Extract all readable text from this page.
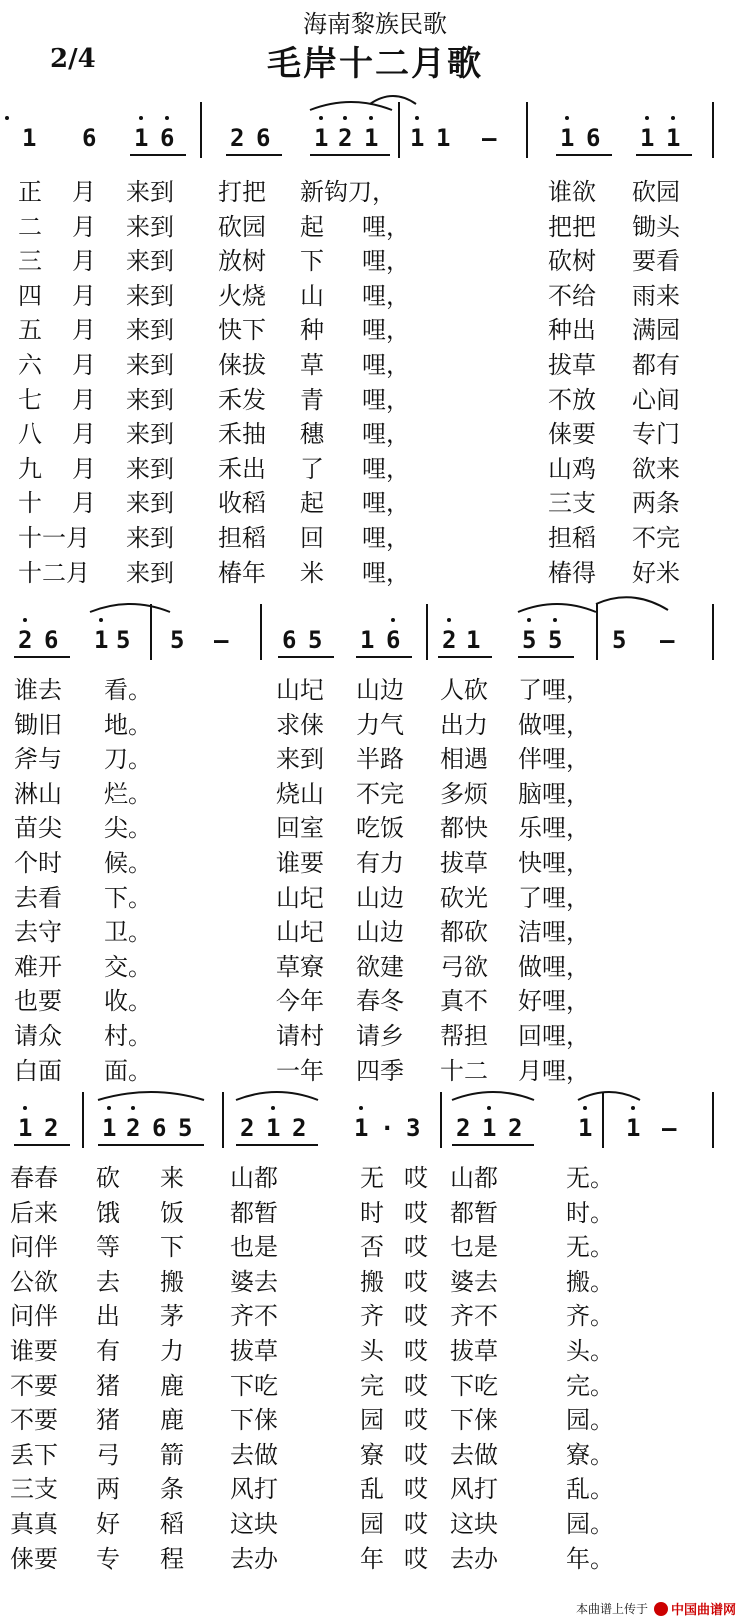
海南黎族民歌
毛岸十二月歌
2/4
1 6 1 6 2 6 1 2 1 1 1 —	1 6 1 1
正 月 来到 打把 新钩刀，	谁欲 砍园
二 月 来到 砍园 起 哩，	把把 锄头
三 月 来到 放树 下 哩，	砍树 要看
四 月 来到 火烧 山 哩，	不给 雨来
五 月 来到 快下 种 哩，	种出 满园
六 月 来到 俫拔 草 哩，	拔草 都有
七 月 来到 禾发 青 哩，	不放 心间
八 月 来到 禾抽 穗 哩，	俫要 专门
九 月 来到 禾出 了 哩，	山鸡 欲来
十 月 来到 收稻 起 哩，	三支 两条
十一月 来到 担稻 回 哩，	担稻 不完
十二月 来到 椿年 米 哩，	椿得 好米
2 6 1 5 5 — 6 5 1 6 2 1 5 5 5 —
谁去 看。	山圮 山边 人砍 了哩，
锄旧 地。	求俫 力气 出力 做哩，
斧与 刀。	来到 半路 相遇 伴哩，
淋山 烂。	烧山 不完 多烦 脑哩，
苗尖 尖。	回室 吃饭 都快 乐哩，
个时 候。	谁要 有力 拔草 快哩，
去看 下。	山圮 山边 砍光 了哩，
去守 卫。	山圮 山边 都砍 洁哩，
难开 交。	草寮 欲建 弓欲 做哩，
也要 收。	今年 春冬 真不 好哩，
请众 村。	请村 请乡 帮担 回哩，
白面 面。	一年 四季 十二 月哩，
1 2 1 2 6 5 2 1 2 1 · 3 2 1 2 1 1 —
春春 砍 来 山都	无 哎 山都	无。
后来 饿 饭 都暂	时 哎 都暂	时。
问伴 等 下 也是	否 哎 乜是	无。
公欲 去 搬 婆去	搬 哎 婆去	搬。
问伴 出 茅 齐不	齐 哎 齐不	齐。
谁要 有 力 拔草	头 哎 拔草	头。
不要 猪 鹿 下吃	完 哎 下吃	完。
不要 猪 鹿 下俫	园 哎 下俫	园。
丢下 弓 箭 去做	寮 哎 去做	寮。
三支 两 条 风打	乱 哎 风打	乱。
真真 好 稻 这块	园 哎 这块	园。
俫要 专 程 去办	年 哎 去办	年。
本曲谱上传于 中国曲谱网
